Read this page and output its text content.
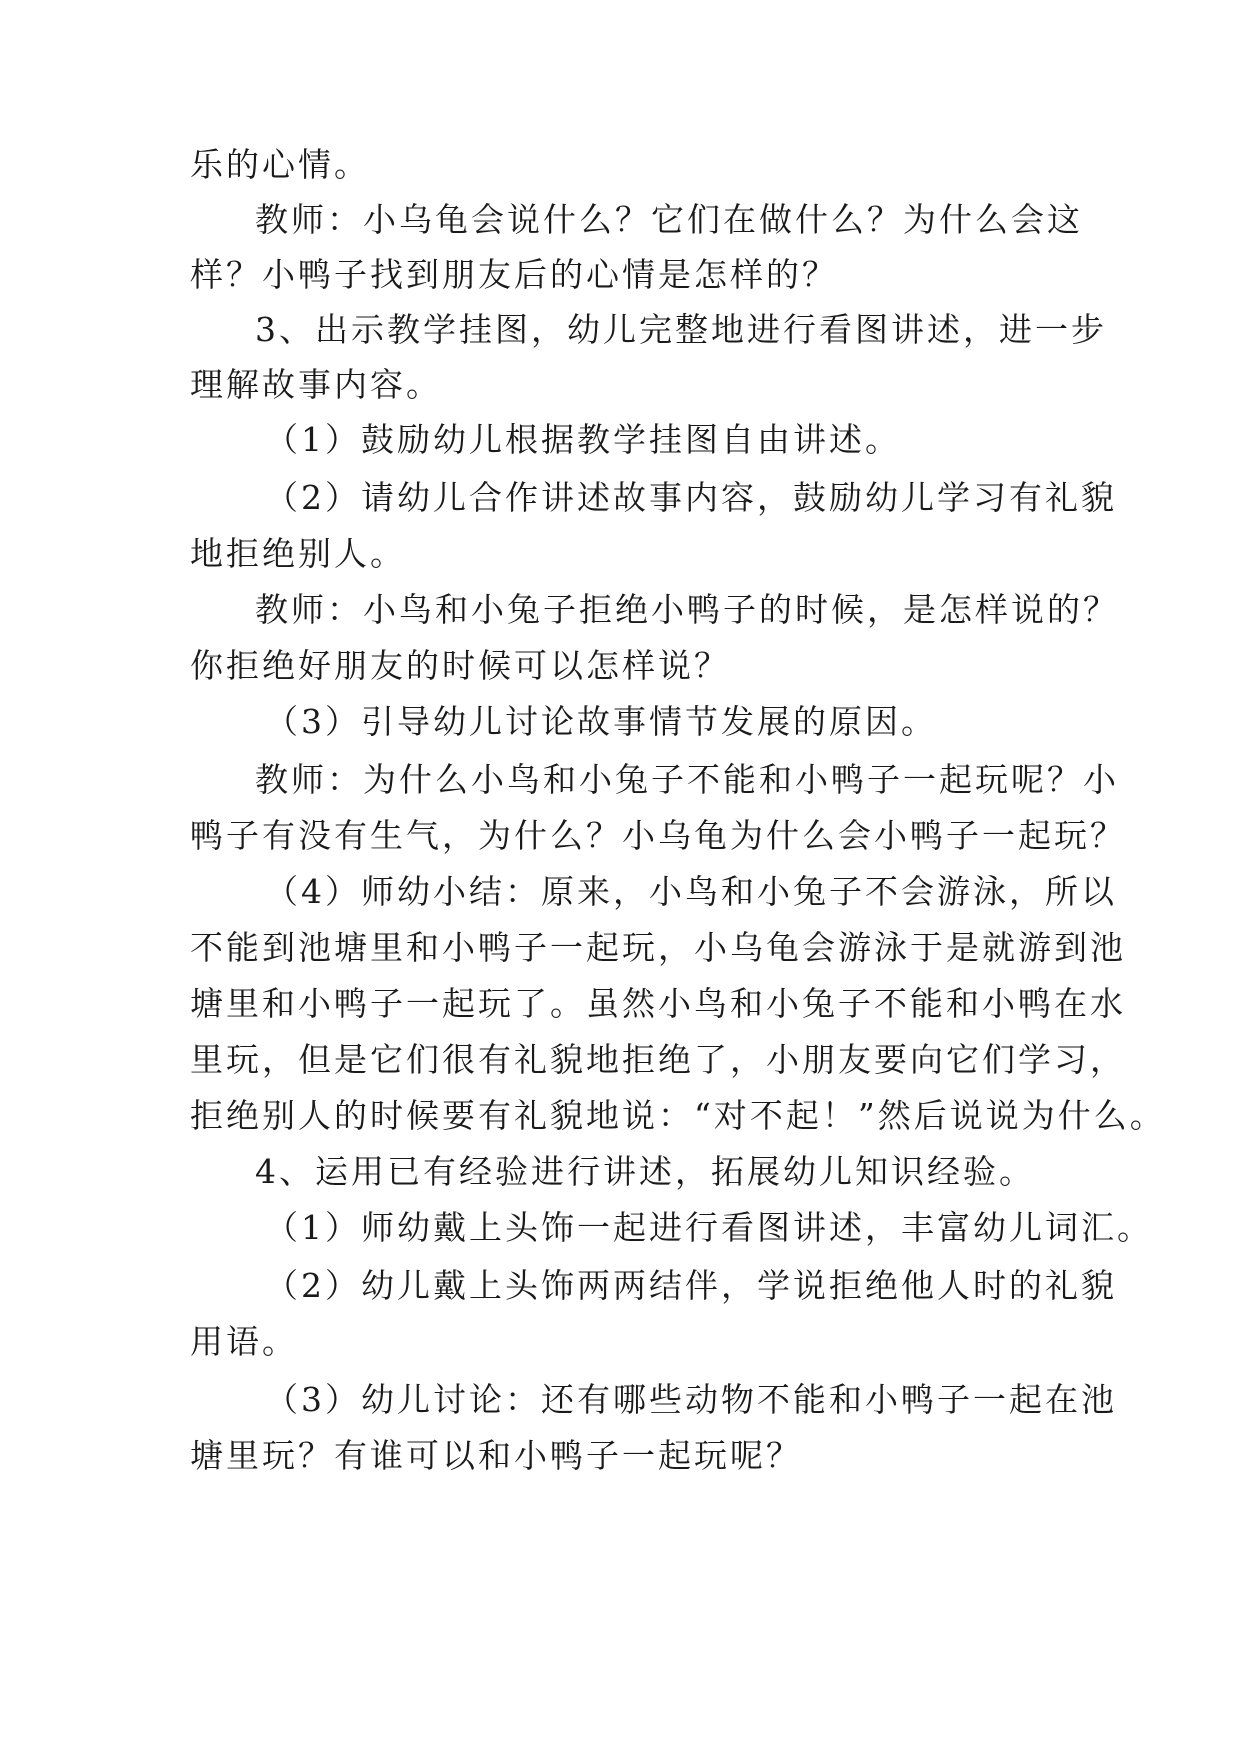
乐的心情。
教师：小乌龟会说什么？它们在做什么？为什么会这
样？小鸭子找到朋友后的心情是怎样的？
3、出示教学挂图，幼儿完整地进行看图讲述，进一步
理解故事内容。
（1）鼓励幼儿根据教学挂图自由讲述。
（2）请幼儿合作讲述故事内容，鼓励幼儿学习有礼貌
地拒绝别人。
教师：小鸟和小兔子拒绝小鸭子的时候，是怎样说的？
你拒绝好朋友的时候可以怎样说？
（3）引导幼儿讨论故事情节发展的原因。
教师：为什么小鸟和小兔子不能和小鸭子一起玩呢？小
鸭子有没有生气，为什么？小乌龟为什么会小鸭子一起玩？
（4）师幼小结：原来，小鸟和小兔子不会游泳，所以
不能到池塘里和小鸭子一起玩，小乌龟会游泳于是就游到池
塘里和小鸭子一起玩了。虽然小鸟和小兔子不能和小鸭在水
里玩，但是它们很有礼貌地拒绝了，小朋友要向它们学习，
拒绝别人的时候要有礼貌地说：“对不起！”然后说说为什么。
4、运用已有经验进行讲述，拓展幼儿知识经验。
（1）师幼戴上头饰一起进行看图讲述，丰富幼儿词汇。
（2）幼儿戴上头饰两两结伴，学说拒绝他人时的礼貌
用语。
（3）幼儿讨论：还有哪些动物不能和小鸭子一起在池
塘里玩？有谁可以和小鸭子一起玩呢？
